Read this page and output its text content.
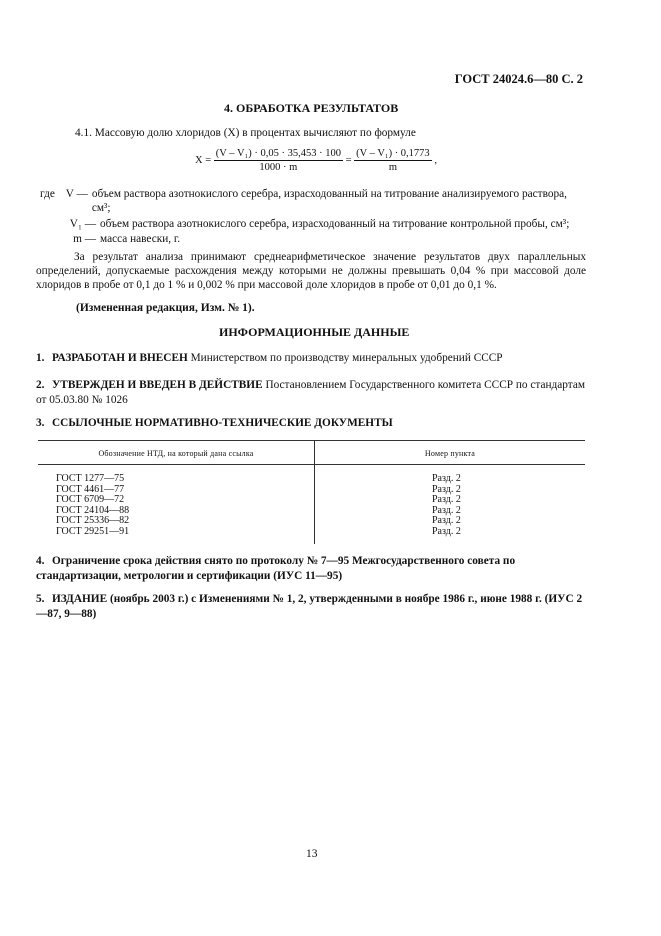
ГОСТ 24024.6—80 С. 2
4. ОБРАБОТКА РЕЗУЛЬТАТОВ
4.1. Массовую долю хлоридов (X) в процентах вычисляют по формуле
$X = \frac{\text{(V – V₁) · 0,05 · 35,453 · 100}}{1000 \cdot m} = \frac{\text{(V – V₁) · 0,1773}}{m}$ ,
где V — объем раствора азотнокислого серебра, израсходованный на титрование анализируемого раствора, см³;
V₁ — объем раствора азотнокислого серебра, израсходованный на титрование контрольной пробы, см³;
m — масса навески, г.

За результат анализа принимают среднеарифметическое значение результатов двух параллельных определений, допускаемые расхождения между которыми не должны превышать 0,04 % при массовой доле хлоридов в пробе от 0,1 до 1 % и 0,002 % при массовой доле хлоридов в пробе от 0,01 до 0,1 %.

(Измененная редакция, Изм. № 1).
ИНФОРМАЦИОННЫЕ ДАННЫЕ
1. РАЗРАБОТАН И ВНЕСЕН Министерством по производству минеральных удобрений СССР
2. УТВЕРЖДЕН И ВВЕДЕН В ДЕЙСТВИЕ Постановлением Государственного комитета СССР по стандартам от 05.03.80 № 1026
3. ССЫЛОЧНЫЕ НОРМАТИВНО-ТЕХНИЧЕСКИЕ ДОКУМЕНТЫ
Обозначение НТД, на который дана ссылка	Номер пункта
ГОСТ 1277—75
ГОСТ 4461—77
ГОСТ 6709—72
ГОСТ 24104—88
ГОСТ 25336—82
ГОСТ 29251—91
Разд. 2
Разд. 2
Разд. 2
Разд. 2
Разд. 2
Разд. 2
4. Ограничение срока действия снято по протоколу № 7—95 Межгосударственного совета по стандартизации, метрологии и сертификации (ИУС 11—95)
5. ИЗДАНИЕ (ноябрь 2003 г.) с Изменениями № 1, 2, утвержденными в ноябре 1986 г., июне 1988 г. (ИУС 2—87, 9—88)
13
